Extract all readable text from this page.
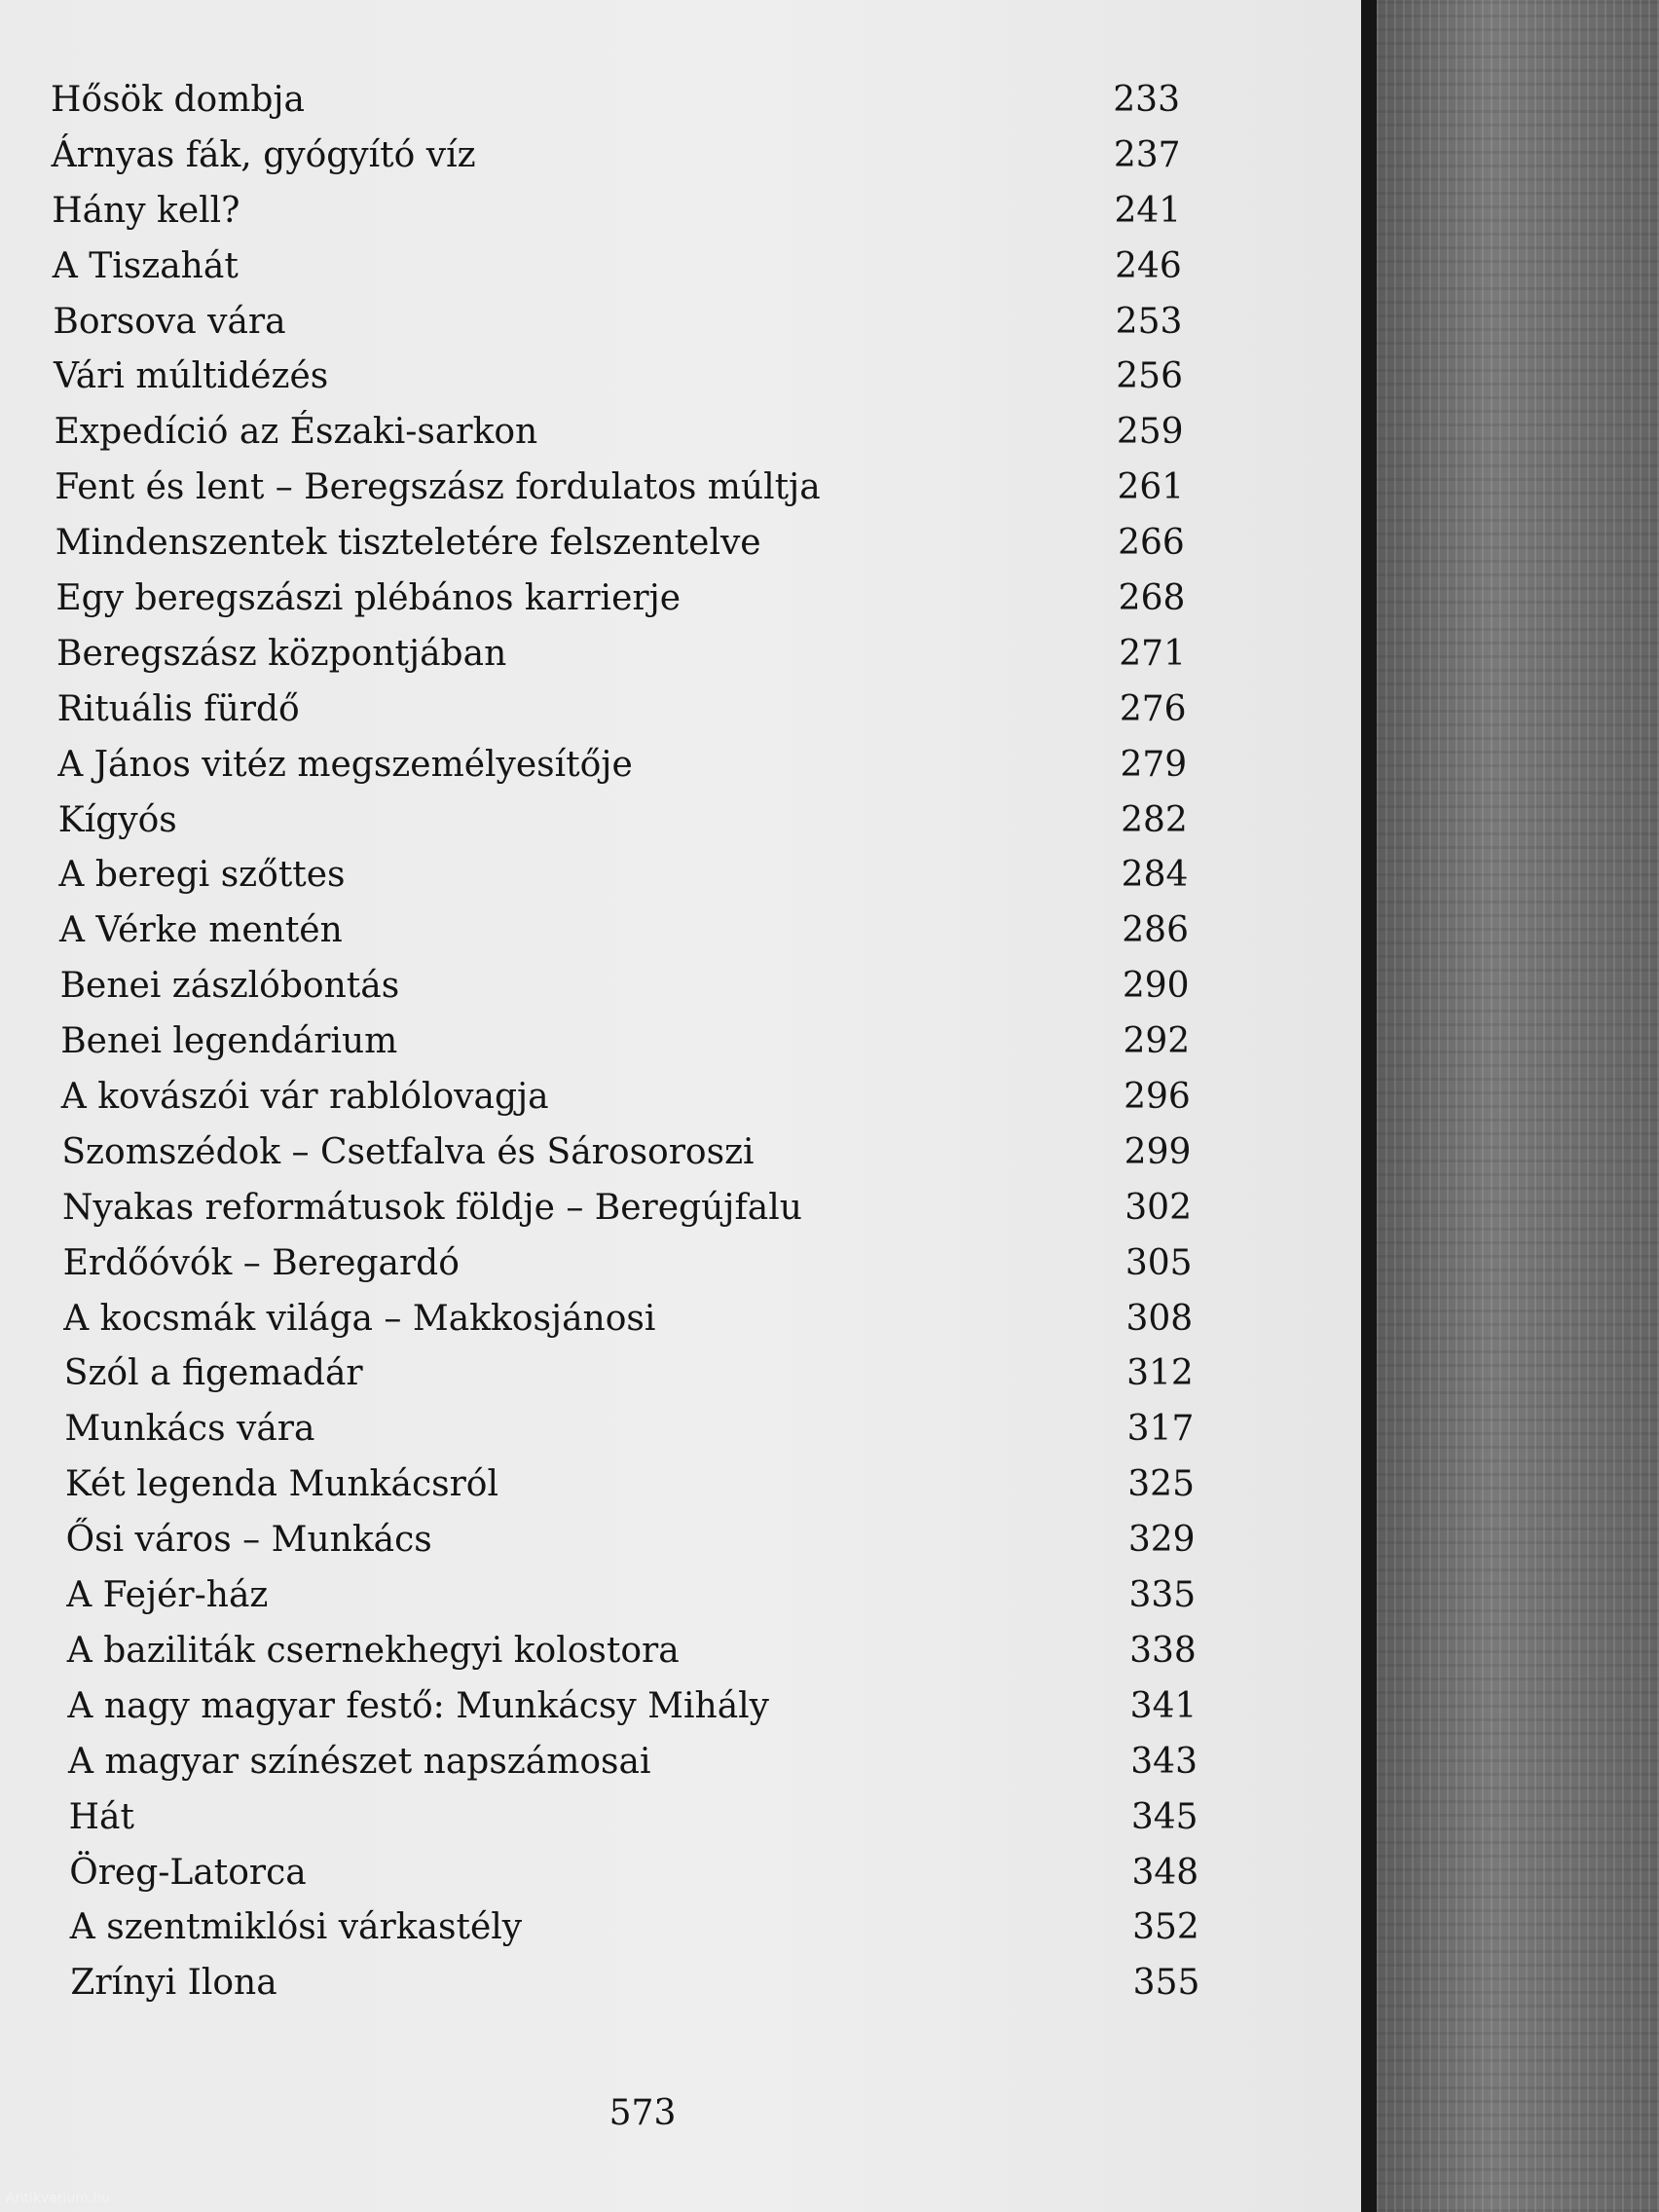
Hősök dombja	233
Árnyas fák, gyógyító víz	237
Hány kell?	241
A Tiszahát	246
Borsova vára	253
Vári múltidézés	256
Expedíció az Északi-sarkon	259
Fent és lent – Beregszász fordulatos múltja	261
Mindenszentek tiszteletére felszentelve	266
Egy beregszászi plébános karrierje	268
Beregszász központjában	271
Rituális fürdő	276
A János vitéz megszemélyesítője	279
Kígyós	282
A beregi szőttes	284
A Vérke mentén	286
Benei zászlóbontás	290
Benei legendárium	292
A kovászói vár rablólovagja	296
Szomszédok – Csetfalva és Sárosoroszi	299
Nyakas reformátusok földje – Beregújfalu	302
Erdőóvók – Beregardó	305
A kocsmák világa – Makkosjánosi	308
Szól a figemadár	312
Munkács vára	317
Két legenda Munkácsról	325
Ősi város – Munkács	329
A Fejér-ház	335
A baziliták csernekhegyi kolostora	338
A nagy magyar festő: Munkácsy Mihály	341
A magyar színészet napszámosai	343
Hát	345
Öreg-Latorca	348
A szentmiklósi várkastély	352
Zrínyi Ilona	355
573
Antikvarium.hu
